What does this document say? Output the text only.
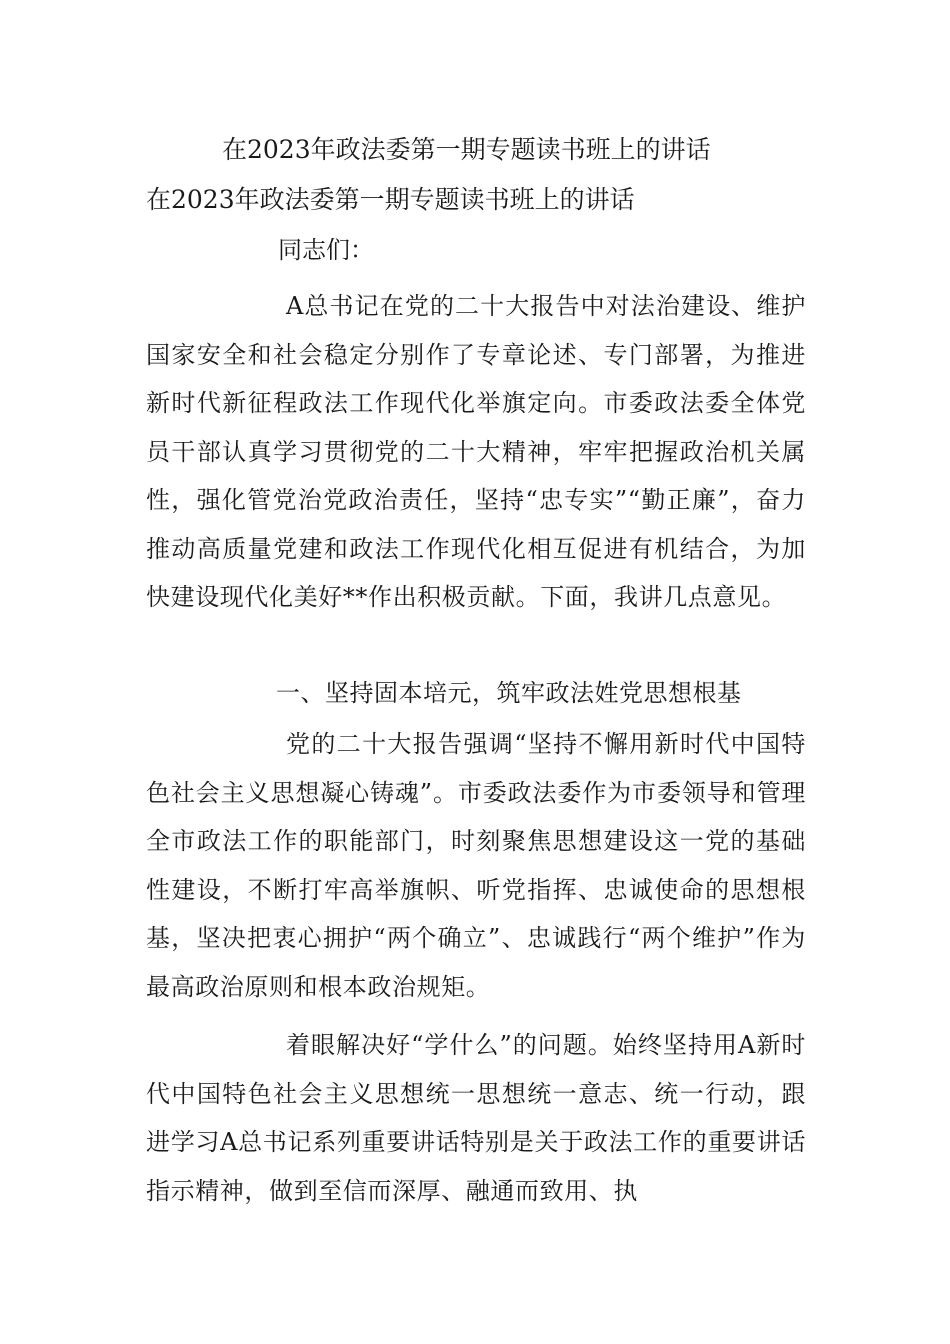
在2023年政法委第一期专题读书班上的讲话
在2023年政法委第一期专题读书班上的讲话
同志们：

A总书记在党的二十大报告中对法治建设、维护国家安全和社会稳定分别作了专章论述、专门部署，为推进新时代新征程政法工作现代化举旗定向。市委政法委全体党员干部认真学习贯彻党的二十大精神，牢牢把握政治机关属性，强化管党治党政治责任，坚持“忠专实”“勤正廉”，奋力推动高质量党建和政法工作现代化相互促进有机结合，为加快建设现代化美好**作出积极贡献。下面，我讲几点意见。

一、坚持固本培元，筑牢政法姓党思想根基

党的二十大报告强调“坚持不懈用新时代中国特色社会主义思想凝心铸魂”。市委政法委作为市委领导和管理全市政法工作的职能部门，时刻聚焦思想建设这一党的基础性建设，不断打牢高举旗帜、听党指挥、忠诚使命的思想根基，坚决把衷心拥护“两个确立”、忠诚践行“两个维护”作为最高政治原则和根本政治规矩。

着眼解决好“学什么”的问题。始终坚持用A新时代中国特色社会主义思想统一思想统一意志、统一行动，跟进学习A总书记系列重要讲话特别是关于政法工作的重要讲话指示精神，做到至信而深厚、融通而致用、执
